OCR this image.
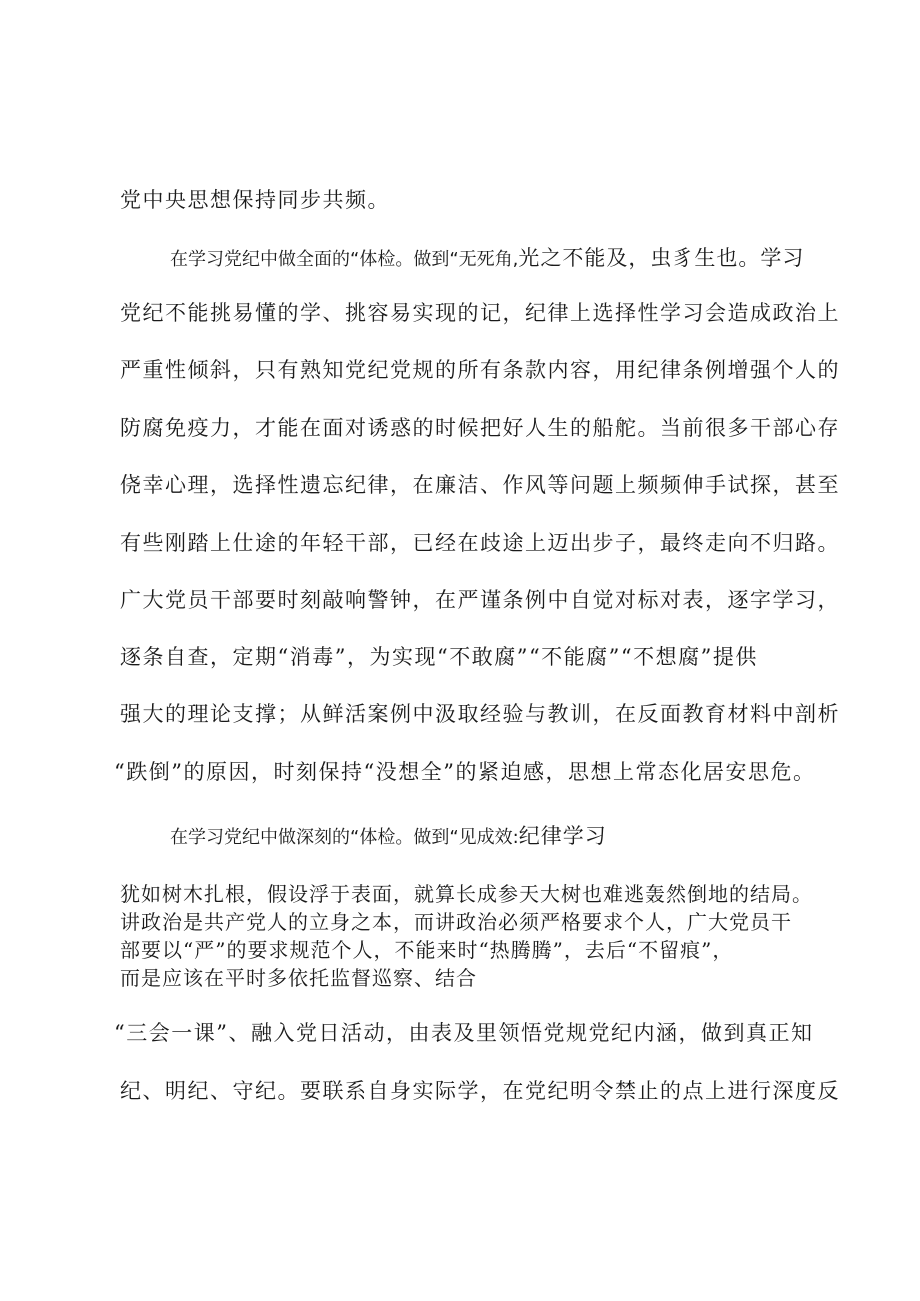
党中央思想保持同步共频。
在学习党纪中做全面的“体检。做到“无死角,光之不能及，虫豸生也。学习
党纪不能挑易懂的学、挑容易实现的记，纪律上选择性学习会造成政治上
严重性倾斜，只有熟知党纪党规的所有条款内容，用纪律条例增强个人的
防腐免疫力，才能在面对诱惑的时候把好人生的船舵。当前很多干部心存
侥幸心理，选择性遗忘纪律，在廉洁、作风等问题上频频伸手试探，甚至
有些刚踏上仕途的年轻干部，已经在歧途上迈出步子，最终走向不归路。
广大党员干部要时刻敲响警钟，在严谨条例中自觉对标对表，逐字学习，
逐条自查，定期“消毒”，为实现“不敢腐”“不能腐”“不想腐”提供
强大的理论支撑；从鲜活案例中汲取经验与教训，在反面教育材料中剖析
“跌倒”的原因，时刻保持“没想全”的紧迫感，思想上常态化居安思危。
在学习党纪中做深刻的“体检。做到“见成效:纪律学习
犹如树木扎根，假设浮于表面，就算长成参天大树也难逃轰然倒地的结局。
讲政治是共产党人的立身之本，而讲政治必须严格要求个人，广大党员干
部要以“严”的要求规范个人，不能来时“热腾腾”，去后“不留痕”，
而是应该在平时多依托监督巡察、结合
“三会一课”、融入党日活动，由表及里领悟党规党纪内涵，做到真正知
纪、明纪、守纪。要联系自身实际学，在党纪明令禁止的点上进行深度反
